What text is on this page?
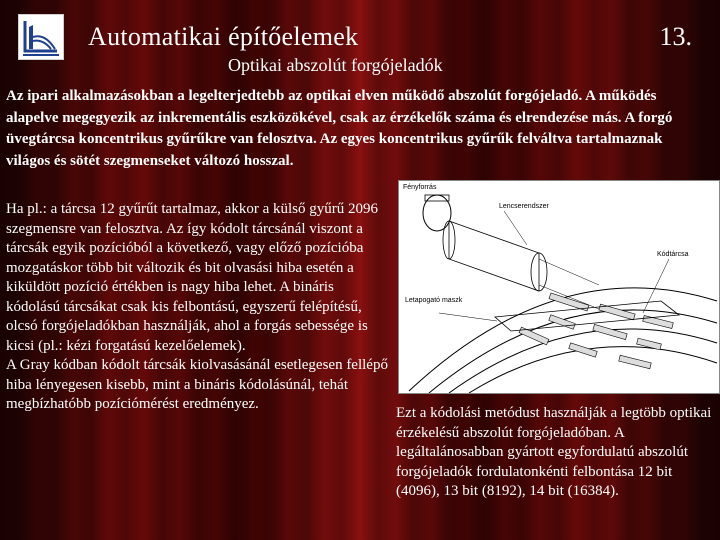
Automatikai építőelemek	13.
Optikai abszolút forgójeladók
Az ipari alkalmazásokban a legelterjedtebb az optikai elven működő abszolút forgójeladó. A működés alapelve megegyezik az inkrementális eszközökével, csak az érzékelők száma és elrendezése más. A forgó üvegtárcsa koncentrikus gyűrűkre van felosztva. Az egyes koncentrikus gyűrűk felváltva tartalmaznak világos és sötét szegmenseket változó hosszal.

Ha pl.: a tárcsa 12 gyűrűt tartalmaz, akkor a külső gyűrű 2096 szegmensre van felosztva. Az így kódolt tárcsánál viszont a tárcsák egyik pozícióból a következő, vagy előző pozícióba mozgatáskor több bit változik és bit olvasási hiba esetén a kiküldött pozíció értékben is nagy hiba lehet. A bináris kódolású tárcsákat csak kis felbontású, egyszerű felépítésű, olcsó forgójeladókban használják, ahol a forgás sebessége is kicsi (pl.: kézi forgatású kezelőelemek).

A Gray kódban kódolt tárcsák kiolvasásánál esetlegesen fellépő hiba lényegesen kisebb, mint a bináris kódolásúnál, tehát megbízhatóbb pozíciómérést eredményez.

Fényforrás
Lencserendszer
Kódtárcsa
Letapogató maszk
Ezt a kódolási metódust használják a legtöbb optikai érzékelésű abszolút forgójeladóban. A legáltalánosabban gyártott egyfordulatú abszolút forgójeladók fordulatonkénti felbontása 12 bit (4096), 13 bit (8192), 14 bit (16384).
